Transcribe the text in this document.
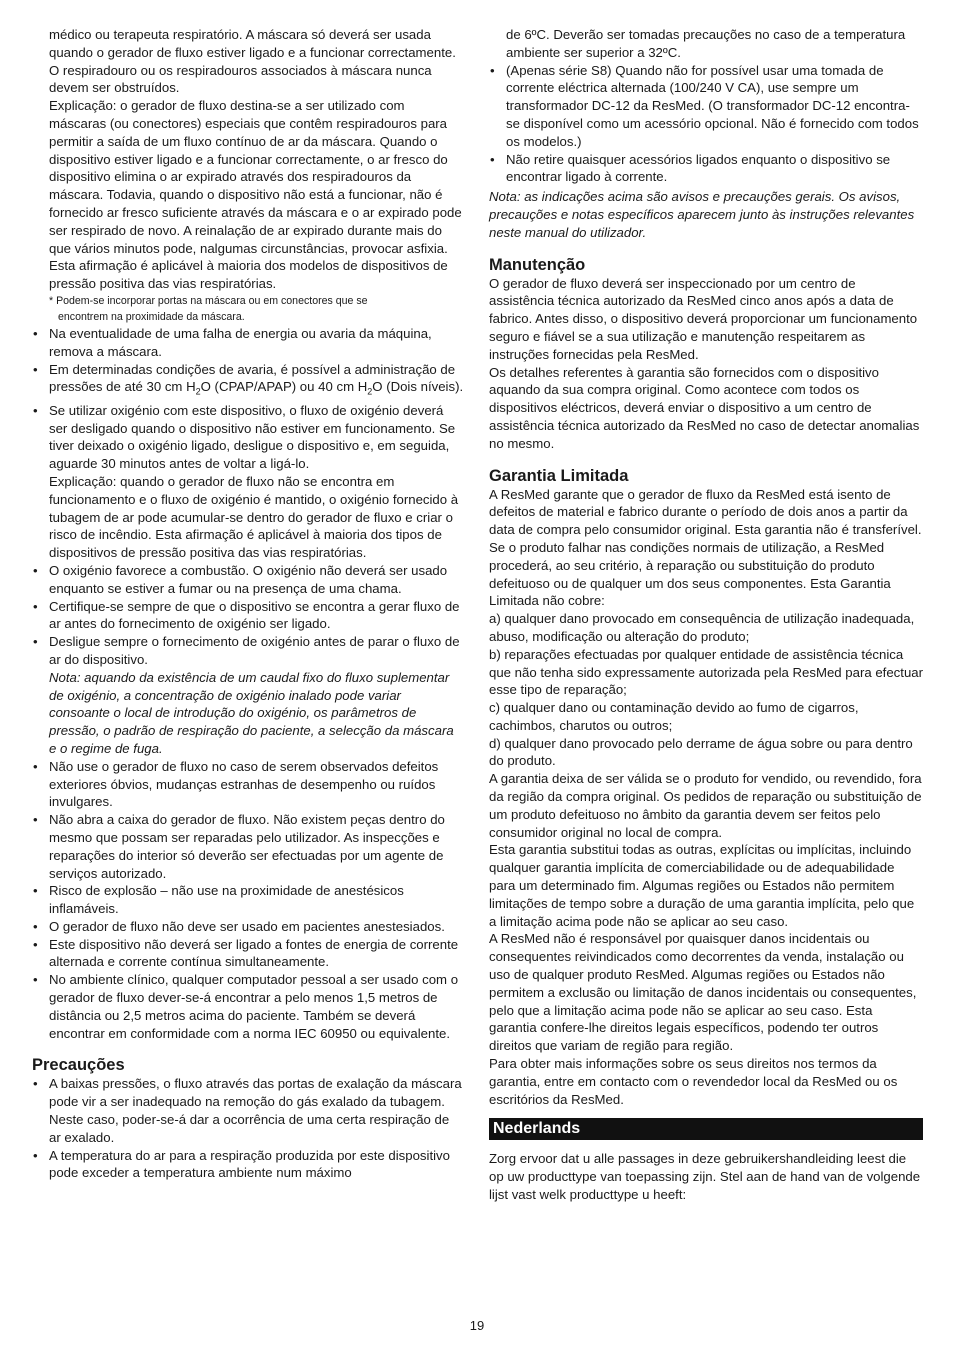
médico ou terapeuta respiratório. A máscara só deverá ser usada quando o gerador de fluxo estiver ligado e a funcionar correctamente. O respiradouro ou os respiradouros associados à máscara nunca devem ser obstruídos.

Explicação: o gerador de fluxo destina-se a ser utilizado com máscaras (ou conectores) especiais que contêm respiradouros para permitir a saída de um fluxo contínuo de ar da máscara. Quando o dispositivo estiver ligado e a funcionar correctamente, o ar fresco do dispositivo elimina o ar expirado através dos respiradouros da máscara. Todavia, quando o dispositivo não está a funcionar, não é fornecido ar fresco suficiente através da máscara e o ar expirado pode ser respirado de novo. A reinalação de ar expirado durante mais do que vários minutos pode, nalgumas circunstâncias, provocar asfixia. Esta afirmação é aplicável à maioria dos modelos de dispositivos de pressão positiva das vias respiratórias.

* Podem-se incorporar portas na máscara ou em conectores que se
encontrem na proximidade da máscara.
• Na eventualidade de uma falha de energia ou avaria da máquina, remova a máscara.
• Em determinadas condições de avaria, é possível a administração de pressões de até 30 cm $H_2O$ (CPAP/APAP) ou 40 cm $H_2O$ (Dois níveis).
• Se utilizar oxigénio com este dispositivo, o fluxo de oxigénio deverá ser desligado quando o dispositivo não estiver em funcionamento. Se tiver deixado o oxigénio ligado, desligue o dispositivo e, em seguida, aguarde 30 minutos antes de voltar a ligá-lo.
Explicação: quando o gerador de fluxo não se encontra em funcionamento e o fluxo de oxigénio é mantido, o oxigénio fornecido à tubagem de ar pode acumular-se dentro do gerador de fluxo e criar o risco de incêndio. Esta afirmação é aplicável à maioria dos tipos de dispositivos de pressão positiva das vias respiratórias.
• O oxigénio favorece a combustão. O oxigénio não deverá ser usado enquanto se estiver a fumar ou na presença de uma chama.
• Certifique-se sempre de que o dispositivo se encontra a gerar fluxo de ar antes do fornecimento de oxigénio ser ligado.
• Desligue sempre o fornecimento de oxigénio antes de parar o fluxo de ar do dispositivo.
Nota: aquando da existência de um caudal fixo do fluxo suplementar de oxigénio, a concentração de oxigénio inalado pode variar consoante o local de introdução do oxigénio, os parâmetros de pressão, o padrão de respiração do paciente, a selecção da máscara e o regime de fuga.
• Não use o gerador de fluxo no caso de serem observados defeitos exteriores óbvios, mudanças estranhas de desempenho ou ruídos invulgares.
• Não abra a caixa do gerador de fluxo. Não existem peças dentro do mesmo que possam ser reparadas pelo utilizador. As inspecções e reparações do interior só deverão ser efectuadas por um agente de serviços autorizado.
• Risco de explosão – não use na proximidade de anestésicos inflamáveis.
• O gerador de fluxo não deve ser usado em pacientes anestesiados.
• Este dispositivo não deverá ser ligado a fontes de energia de corrente alternada e corrente contínua simultaneamente.
• No ambiente clínico, qualquer computador pessoal a ser usado com o gerador de fluxo dever-se-á encontrar a pelo menos 1,5 metros de distância ou 2,5 metros acima do paciente. Também se deverá encontrar em conformidade com a norma IEC 60950 ou equivalente.
Precauções
• A baixas pressões, o fluxo através das portas de exalação da máscara pode vir a ser inadequado na remoção do gás exalado da tubagem. Neste caso, poder-se-á dar a ocorrência de uma certa respiração de ar exalado.
• A temperatura do ar para a respiração produzida por este dispositivo pode exceder a temperatura ambiente num máximo

de 6ºC. Deverão ser tomadas precauções no caso de a temperatura ambiente ser superior a 32ºC.

• (Apenas série S8) Quando não for possível usar uma tomada de corrente eléctrica alternada (100/240 V CA), use sempre um transformador DC-12 da ResMed. (O transformador DC-12 encontra-se disponível como um acessório opcional. Não é fornecido com todos os modelos.)
• Não retire quaisquer acessórios ligados enquanto o dispositivo se encontrar ligado à corrente.

Nota: as indicações acima são avisos e precauções gerais. Os avisos, precauções e notas específicos aparecem junto às instruções relevantes neste manual do utilizador.

Manutenção

O gerador de fluxo deverá ser inspeccionado por um centro de assistência técnica autorizado da ResMed cinco anos após a data de fabrico. Antes disso, o dispositivo deverá proporcionar um funcionamento seguro e fiável se a sua utilização e manutenção respeitarem as instruções fornecidas pela ResMed.

Os detalhes referentes à garantia são fornecidos com o dispositivo aquando da sua compra original. Como acontece com todos os dispositivos eléctricos, deverá enviar o dispositivo a um centro de assistência técnica autorizado da ResMed no caso de detectar anomalias no mesmo.

Garantia Limitada

A ResMed garante que o gerador de fluxo da ResMed está isento de defeitos de material e fabrico durante o período de dois anos a partir da data de compra pelo consumidor original. Esta garantia não é transferível.

Se o produto falhar nas condições normais de utilização, a ResMed procederá, ao seu critério, à reparação ou substituição do produto defeituoso ou de qualquer um dos seus componentes. Esta Garantia Limitada não cobre:

a) qualquer dano provocado em consequência de utilização inadequada, abuso, modificação ou alteração do produto;

b) reparações efectuadas por qualquer entidade de assistência técnica que não tenha sido expressamente autorizada pela ResMed para efectuar esse tipo de reparação;

c) qualquer dano ou contaminação devido ao fumo de cigarros, cachimbos, charutos ou outros;

d) qualquer dano provocado pelo derrame de água sobre ou para dentro do produto.

A garantia deixa de ser válida se o produto for vendido, ou revendido, fora da região da compra original. Os pedidos de reparação ou substituição de um produto defeituoso no âmbito da garantia devem ser feitos pelo consumidor original no local de compra.

Esta garantia substitui todas as outras, explícitas ou implícitas, incluindo qualquer garantia implícita de comerciabilidade ou de adequabilidade para um determinado fim. Algumas regiões ou Estados não permitem limitações de tempo sobre a duração de uma garantia implícita, pelo que a limitação acima pode não se aplicar ao seu caso.

A ResMed não é responsável por quaisquer danos incidentais ou consequentes reivindicados como decorrentes da venda, instalação ou uso de qualquer produto ResMed. Algumas regiões ou Estados não permitem a exclusão ou limitação de danos incidentais ou consequentes, pelo que a limitação acima pode não se aplicar ao seu caso. Esta garantia confere-lhe direitos legais específicos, podendo ter outros direitos que variam de região para região.

Para obter mais informações sobre os seus direitos nos termos da garantia, entre em contacto com o revendedor local da ResMed ou os escritórios da ResMed.

Nederlands

Zorg ervoor dat u alle passages in deze gebruikershandleiding leest die op uw producttype van toepassing zijn. Stel aan de hand van de volgende lijst vast welk producttype u heeft:

19
